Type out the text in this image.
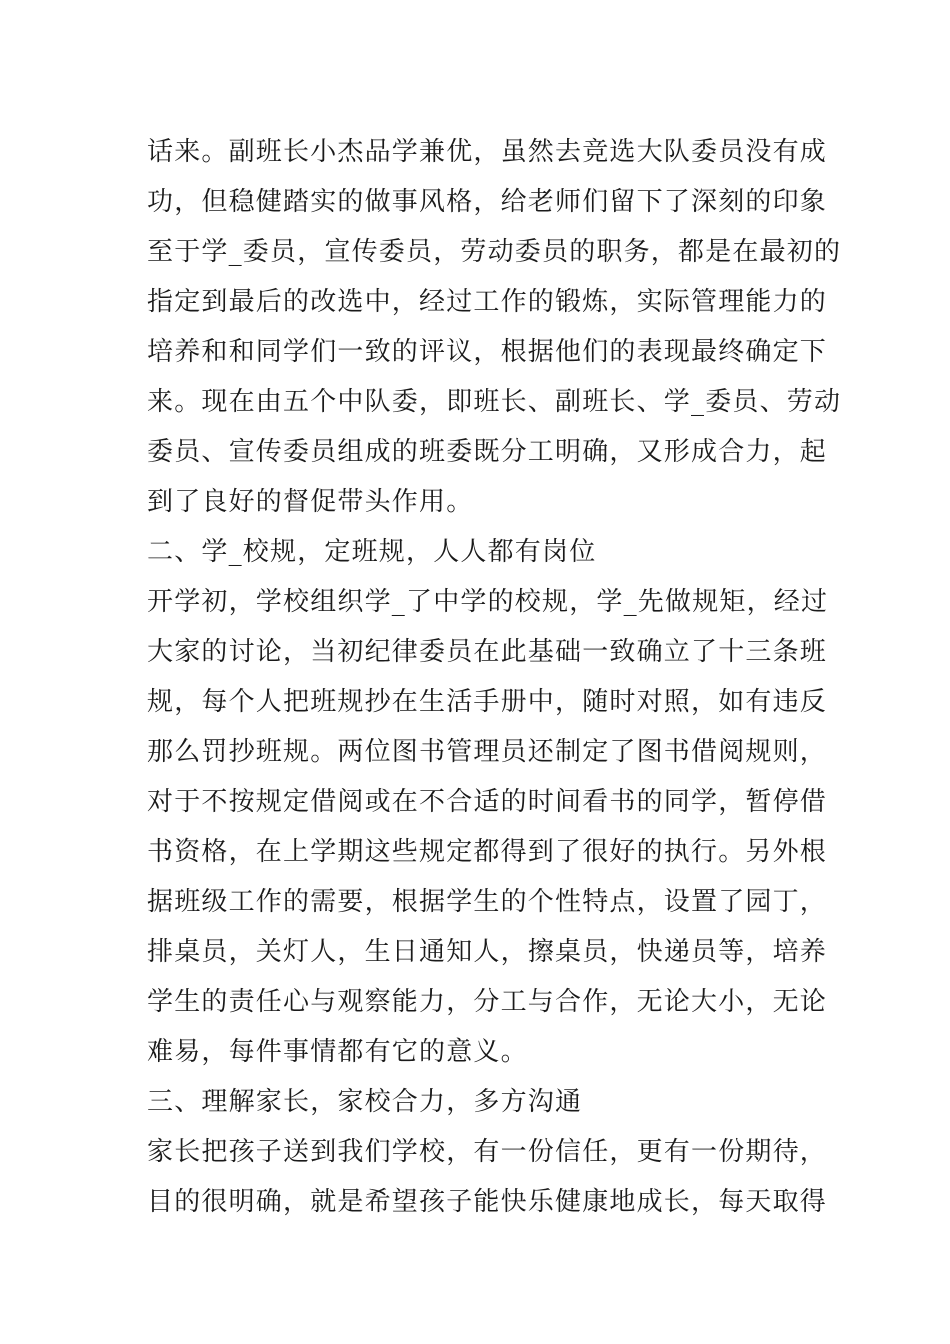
话来。副班长小杰品学兼优，虽然去竞选大队委员没有成
功，但稳健踏实的做事风格，给老师们留下了深刻的印象
至于学_委员，宣传委员，劳动委员的职务，都是在最初的
指定到最后的改选中，经过工作的锻炼，实际管理能力的
培养和和同学们一致的评议，根据他们的表现最终确定下
来。现在由五个中队委，即班长、副班长、学_委员、劳动
委员、宣传委员组成的班委既分工明确，又形成合力，起
到了良好的督促带头作用。
二、学_校规，定班规，人人都有岗位
开学初，学校组织学_了中学的校规，学_先做规矩，经过
大家的讨论，当初纪律委员在此基础一致确立了十三条班
规，每个人把班规抄在生活手册中，随时对照，如有违反
那么罚抄班规。两位图书管理员还制定了图书借阅规则，
对于不按规定借阅或在不合适的时间看书的同学，暂停借
书资格，在上学期这些规定都得到了很好的执行。另外根
据班级工作的需要，根据学生的个性特点，设置了园丁，
排桌员，关灯人，生日通知人，擦桌员，快递员等，培养
学生的责任心与观察能力，分工与合作，无论大小，无论
难易，每件事情都有它的意义。
三、理解家长，家校合力，多方沟通
家长把孩子送到我们学校，有一份信任，更有一份期待，
目的很明确，就是希望孩子能快乐健康地成长，每天取得
